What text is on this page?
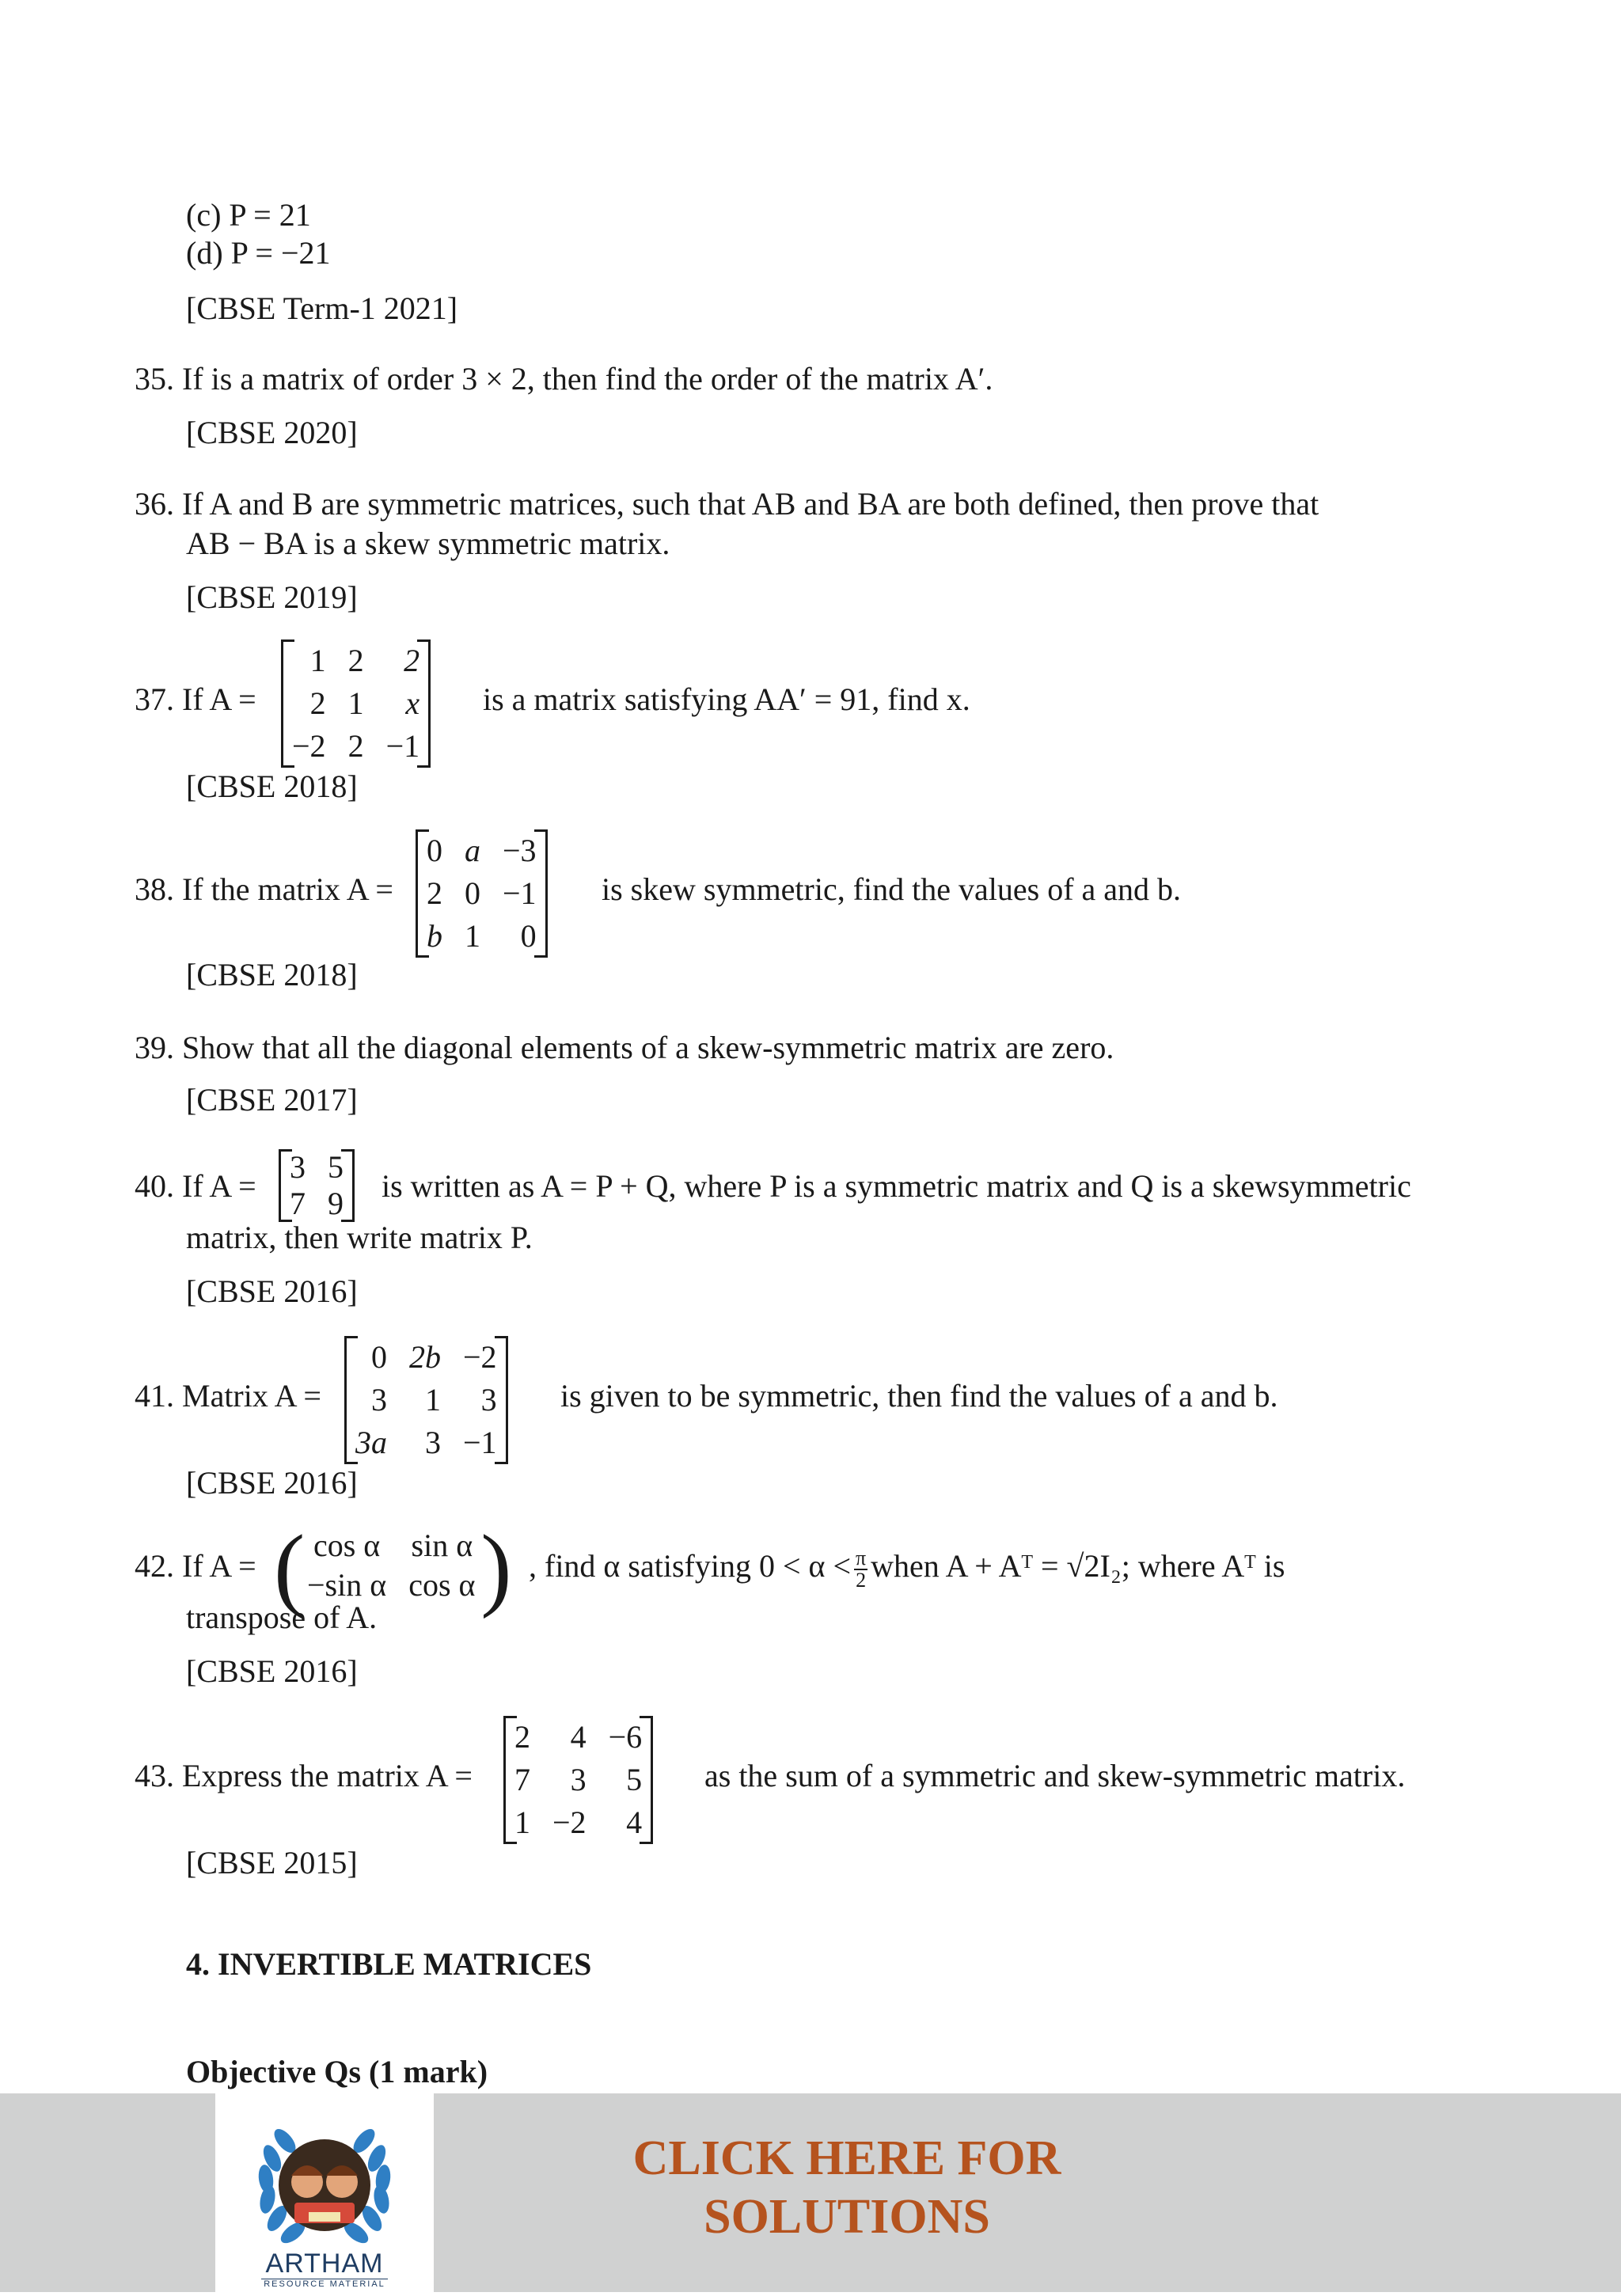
(c) P = 21
(d) P = −21
[CBSE Term-1 2021]
35. If is a matrix of order 3 × 2, then find the order of the matrix A′.
[CBSE 2020]
36. If A and B are symmetric matrices, such that AB and BA are both defined, then prove that
AB − BA is a skew symmetric matrix.
[CBSE 2019]
37. If A =
1	2	2
2	1	x
−2	2	−1
is a matrix satisfying AA′ = 91, find x.
[CBSE 2018]
38. If the matrix A =
0	a	−3
2	0	−1
b	1	0
is skew symmetric, find the values of a and b.
[CBSE 2018]
39. Show that all the diagonal elements of a skew-symmetric matrix are zero.
[CBSE 2017]
40. If A =
3	5
7	9 is written as A = P + Q, where P is a symmetric matrix and Q is a skewsymmetric
matrix, then write matrix P.
[CBSE 2016]
41. Matrix A =
0	2b	−2
3	1	3
3a	3	−1
is given to be symmetric, then find the values of a and b.
[CBSE 2016]
42. If A = ( )
cos α	sin α
−sin α	cos α
, find α satisfying $0 < \alpha < \frac{\pi}{2}$ when A + Aᵀ = √2I₂; where Aᵀ is
transpose of A.
[CBSE 2016]
43. Express the matrix A =
2	4	−6
7	3	5
1	−2	4
as the sum of a symmetric and skew-symmetric matrix.
[CBSE 2015]
4. INVERTIBLE MATRICES
Objective Qs (1 mark)
ARTHAM
RESOURCE MATERIAL
CLICK HERE FOR
SOLUTIONS
